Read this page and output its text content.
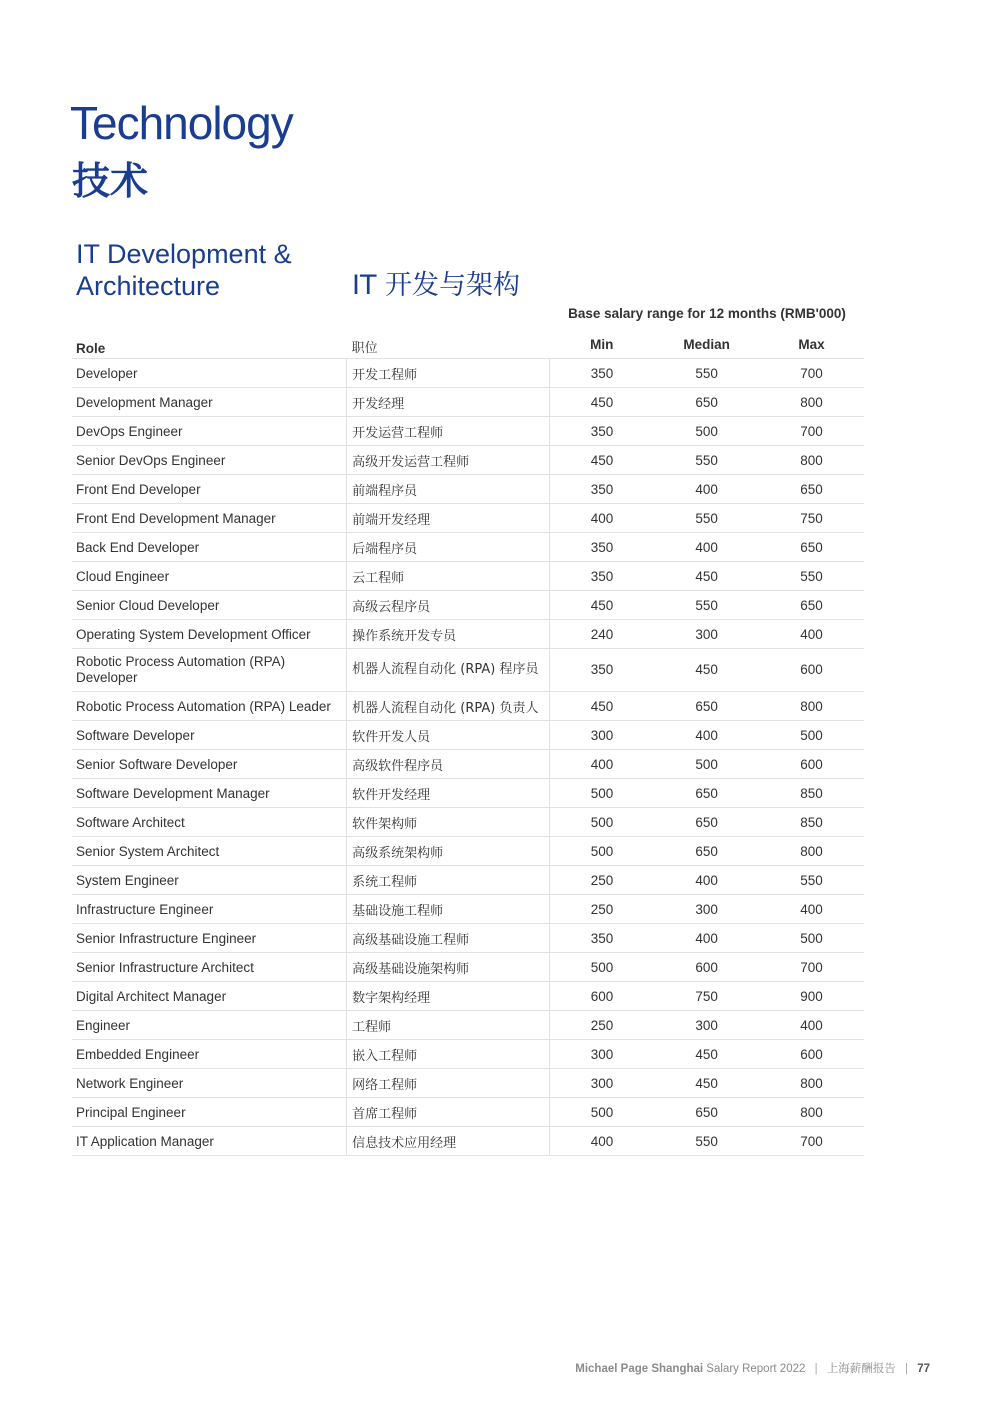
Technology
技术
IT Development & Architecture	IT 开发与架构
Base salary range for 12 months (RMB'000)
Role	职位	Min	Median	Max
Developer	开发工程师	350	550	700
Development Manager	开发经理	450	650	800
DevOps Engineer	开发运营工程师	350	500	700
Senior DevOps Engineer	高级开发运营工程师	450	550	800
Front End Developer	前端程序员	350	400	650
Front End Development Manager	前端开发经理	400	550	750
Back End Developer	后端程序员	350	400	650
Cloud Engineer	云工程师	350	450	550
Senior Cloud Developer	高级云程序员	450	550	650
Operating System Development Officer	操作系统开发专员	240	300	400
Robotic Process Automation (RPA) Developer	机器人流程自动化 (RPA) 程序员	350	450	600
Robotic Process Automation (RPA) Leader	机器人流程自动化 (RPA) 负责人	450	650	800
Software Developer	软件开发人员	300	400	500
Senior Software Developer	高级软件程序员	400	500	600
Software Development Manager	软件开发经理	500	650	850
Software Architect	软件架构师	500	650	850
Senior System Architect	高级系统架构师	500	650	800
System Engineer	系统工程师	250	400	550
Infrastructure Engineer	基础设施工程师	250	300	400
Senior Infrastructure Engineer	高级基础设施工程师	350	400	500
Senior Infrastructure Architect	高级基础设施架构师	500	600	700
Digital Architect Manager	数字架构经理	600	750	900
Engineer	工程师	250	300	400
Embedded Engineer	嵌入工程师	300	450	600
Network Engineer	网络工程师	300	450	800
Principal Engineer	首席工程师	500	650	800
IT Application Manager	信息技术应用经理	400	550	700
Michael Page Shanghai Salary Report 2022 | 上海薪酬报告 | 77
